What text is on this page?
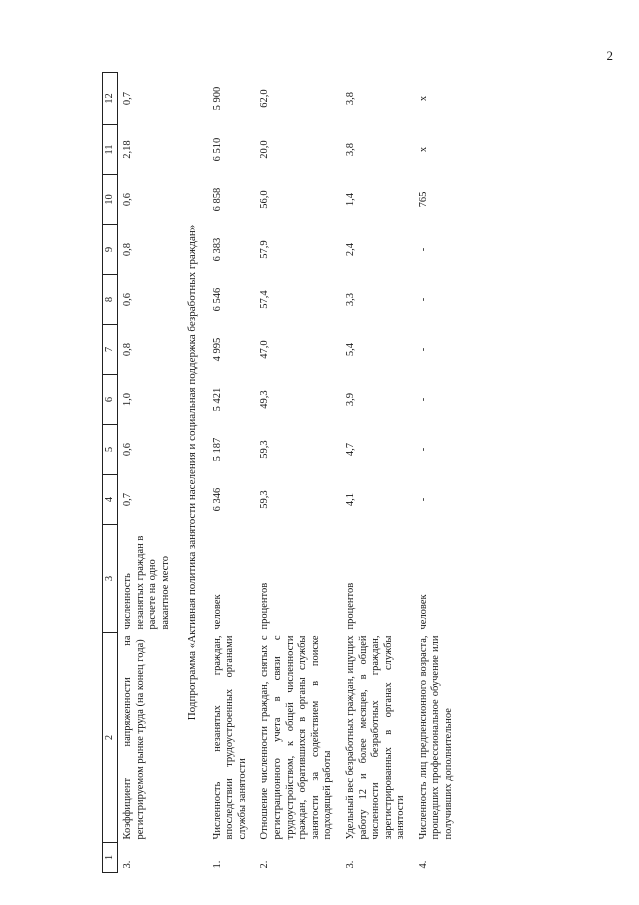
2
1	2	3	4	5	6	7	8	9	10	11	12
3.	Коэффициент напряженности на регистрируемом рынке труда (на конец года)	численность незанятых граждан в расчете на одно вакантное место	0,7	0,6	1,0	0,8	0,6	0,8	0,6	2,18	0,7
Подпрограмма «Активная политика занятости населения и социальная поддержка безработных граждан»											
1.	Численность незанятых граждан, впоследствии трудоустроенных органами службы занятости	человек	6 346	5 187	5 421	4 995	6 546	6 383	6 858	6 510	5 900
2.	Отношение численности граждан, снятых с регистрационного учета в связи с трудоустройством, к общей численности граждан, обратившихся в органы службы занятости за содействием в поиске подходящей работы	процентов	59,3	59,3	49,3	47,0	57,4	57,9	56,0	20,0	62,0
3.	Удельный вес безработных граждан, ищущих работу 12 и более месяцев, в общей численности безработных граждан, зарегистрированных в органах службы занятости	процентов	4,1	4,7	3,9	5,4	3,3	2,4	1,4	3,8	3,8
4.	Численность лиц предпенсионного возраста, прошедших профессиональное обучение или получивших дополнительное	человек	-	-	-	-	-	-	765	х	х
